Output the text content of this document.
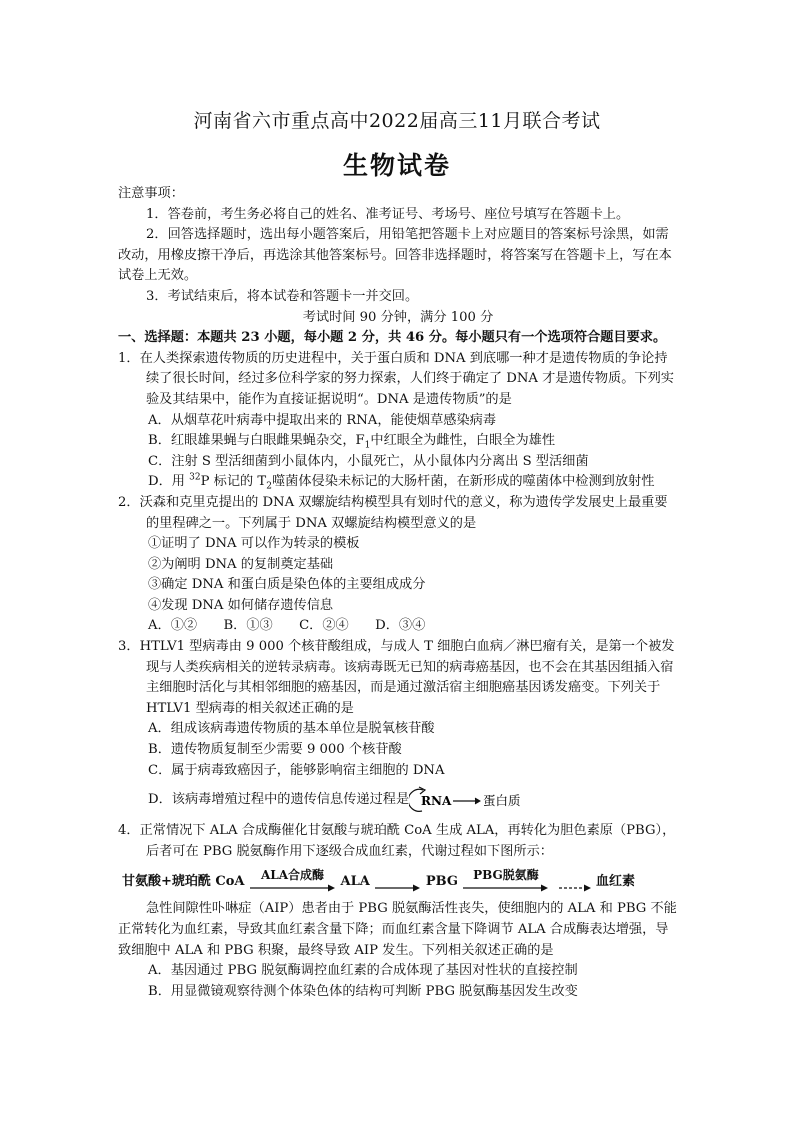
河南省六市重点高中2022届高三11月联合考试
生物试卷

注意事项：

1．答卷前，考生务必将自己的姓名、准考证号、考场号、座位号填写在答题卡上。

2．回答选择题时，选出每小题答案后，用铅笔把答题卡上对应题目的答案标号涂黑，如需改动，用橡皮擦干净后，再选涂其他答案标号。回答非选择题时，将答案写在答题卡上，写在本试卷上无效。

3．考试结束后，将本试卷和答题卡一并交回。

考试时间 90 分钟，满分 100 分

一、选择题：本题共 23 小题，每小题 2 分，共 46 分。每小题只有一个选项符合题目要求。

1．在人类探索遗传物质的历史进程中，关于蛋白质和 DNA 到底哪一种才是遗传物质的争论持续了很长时间，经过多位科学家的努力探索，人们终于确定了 DNA 才是遗传物质。下列实验及其结果中，能作为直接证据说明“。DNA 是遗传物质”的是

A．从烟草花叶病毒中提取出来的 RNA，能使烟草感染病毒

B．红眼雄果蝇与白眼雌果蝇杂交，$F_1$中红眼全为雌性，白眼全为雄性

C．注射 S 型活细菌到小鼠体内，小鼠死亡，从小鼠体内分离出 S 型活细菌

D．用 $^{32}$P 标记的 $T_2$噬菌体侵染未标记的大肠杆菌，在新形成的噬菌体中检测到放射性

2．沃森和克里克提出的 DNA 双螺旋结构模型具有划时代的意义，称为遗传学发展史上最重要的里程碑之一。下列属于 DNA 双螺旋结构模型意义的是

①证明了 DNA 可以作为转录的模板

②为阐明 DNA 的复制奠定基础

③确定 DNA 和蛋白质是染色体的主要组成成分

④发现 DNA 如何储存遗传信息

A．①②　　B．①③　　C．②④　　D．③④

3．HTLV1 型病毒由 9 000 个核苷酸组成，与成人 T 细胞白血病／淋巴瘤有关，是第一个被发现与人类疾病相关的逆转录病毒。该病毒既无已知的病毒癌基因，也不会在其基因组插入宿主细胞时活化与其相邻细胞的癌基因，而是通过激活宿主细胞癌基因诱发癌变。下列关于 HTLV1 型病毒的相关叙述正确的是

A．组成该病毒遗传物质的基本单位是脱氧核苷酸

B．遗传物质复制至少需要 9 000 个核苷酸

C．属于病毒致癌因子，能够影响宿主细胞的 DNA

D．该病毒增殖过程中的遗传信息传递过程是 RNA	蛋白质

4．正常情况下 ALA 合成酶催化甘氨酸与琥珀酰 CoA 生成 ALA，再转化为胆色素原（PBG），后者可在 PBG 脱氨酶作用下逐级合成血红素，代谢过程如下图所示：

甘氨酸+琥珀酰 CoA ALA合成酶 ALA	PBG PBG脱氨酶	血红素

急性间隙性卟啉症（AIP）患者由于 PBG 脱氨酶活性丧失，使细胞内的 ALA 和 PBG 不能正常转化为血红素，导致其血红素含量下降；而血红素含量下降调节 ALA 合成酶表达增强，导致细胞中 ALA 和 PBG 积聚，最终导致 AIP 发生。下列相关叙述正确的是

A．基因通过 PBG 脱氨酶调控血红素的合成体现了基因对性状的直接控制

B．用显微镜观察待测个体染色体的结构可判断 PBG 脱氨酶基因发生改变
